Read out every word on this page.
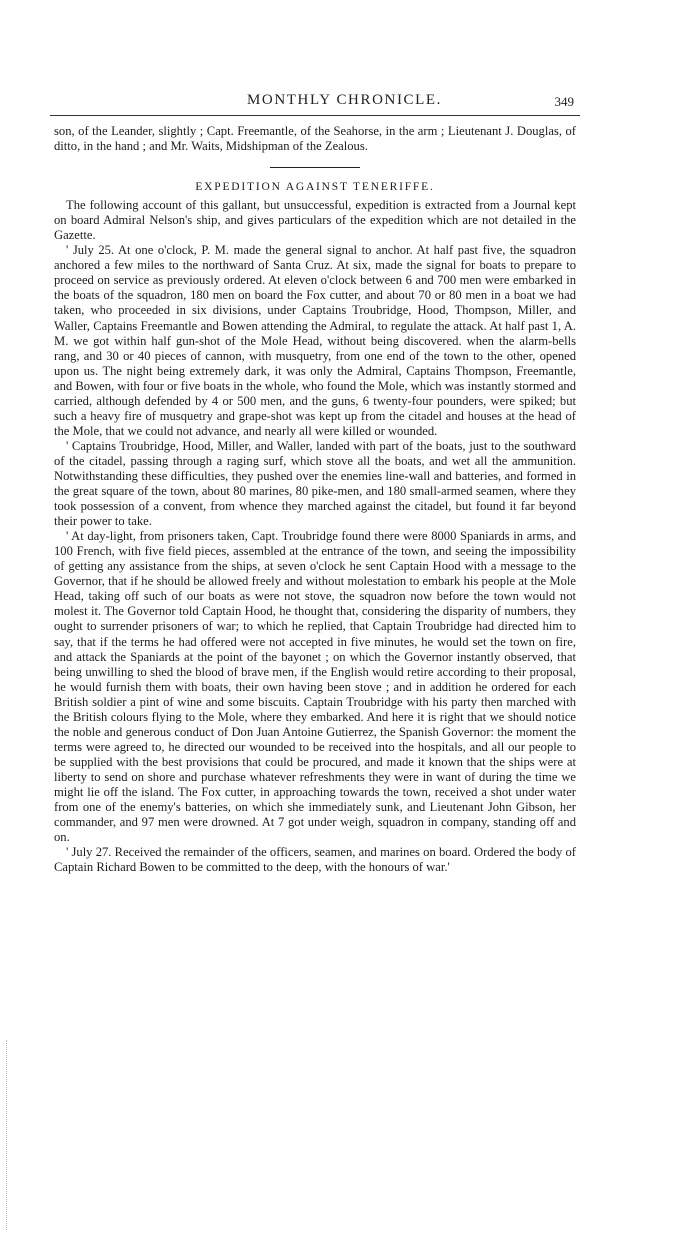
MONTHLY CHRONICLE.	349

son, of the Leander, slightly ; Capt. Freemantle, of the Seahorse, in the arm ; Lieutenant J. Douglas, of ditto, in the hand ; and Mr. Waits, Midshipman of the Zealous.

EXPEDITION AGAINST TENERIFFE.

The following account of this gallant, but unsuccessful, expedition is extracted from a Journal kept on board Admiral Nelson's ship, and gives particulars of the expedition which are not detailed in the Gazette.

' July 25. At one o'clock, P. M. made the general signal to anchor. At half past five, the squadron anchored a few miles to the northward of Santa Cruz. At six, made the signal for boats to prepare to proceed on service as previously ordered. At eleven o'clock between 6 and 700 men were embarked in the boats of the squadron, 180 men on board the Fox cutter, and about 70 or 80 men in a boat we had taken, who proceeded in six divisions, under Captains Troubridge, Hood, Thompson, Miller, and Waller, Captains Freemantle and Bowen attending the Admiral, to regulate the attack. At half past 1, A. M. we got within half gun-shot of the Mole Head, without being discovered. when the alarm-bells rang, and 30 or 40 pieces of cannon, with musquetry, from one end of the town to the other, opened upon us. The night being extremely dark, it was only the Admiral, Captains Thompson, Freemantle, and Bowen, with four or five boats in the whole, who found the Mole, which was instantly stormed and carried, although defended by 4 or 500 men, and the guns, 6 twenty-four pounders, were spiked; but such a heavy fire of musquetry and grape-shot was kept up from the citadel and houses at the head of the Mole, that we could not advance, and nearly all were killed or wounded.

' Captains Troubridge, Hood, Miller, and Waller, landed with part of the boats, just to the southward of the citadel, passing through a raging surf, which stove all the boats, and wet all the ammunition. Notwithstanding these difficulties, they pushed over the enemies line-wall and batteries, and formed in the great square of the town, about 80 marines, 80 pike-men, and 180 small-armed seamen, where they took possession of a convent, from whence they marched against the citadel, but found it far beyond their power to take.

' At day-light, from prisoners taken, Capt. Troubridge found there were 8000 Spaniards in arms, and 100 French, with five field pieces, assembled at the entrance of the town, and seeing the impossibility of getting any assistance from the ships, at seven o'clock he sent Captain Hood with a message to the Governor, that if he should be allowed freely and without molestation to embark his people at the Mole Head, taking off such of our boats as were not stove, the squadron now before the town would not molest it. The Governor told Captain Hood, he thought that, considering the disparity of numbers, they ought to surrender prisoners of war; to which he replied, that Captain Troubridge had directed him to say, that if the terms he had offered were not accepted in five minutes, he would set the town on fire, and attack the Spaniards at the point of the bayonet ; on which the Governor instantly observed, that being unwilling to shed the blood of brave men, if the English would retire according to their proposal, he would furnish them with boats, their own having been stove ; and in addition he ordered for each British soldier a pint of wine and some biscuits. Captain Troubridge with his party then marched with the British colours flying to the Mole, where they embarked. And here it is right that we should notice the noble and generous conduct of Don Juan Antoine Gutierrez, the Spanish Governor: the moment the terms were agreed to, he directed our wounded to be received into the hospitals, and all our people to be supplied with the best provisions that could be procured, and made it known that the ships were at liberty to send on shore and purchase whatever refreshments they were in want of during the time we might lie off the island. The Fox cutter, in approaching towards the town, received a shot under water from one of the enemy's batteries, on which she immediately sunk, and Lieutenant John Gibson, her commander, and 97 men were drowned. At 7 got under weigh, squadron in company, standing off and on.

' July 27. Received the remainder of the officers, seamen, and marines on board. Ordered the body of Captain Richard Bowen to be committed to the deep, with the honours of war.'
